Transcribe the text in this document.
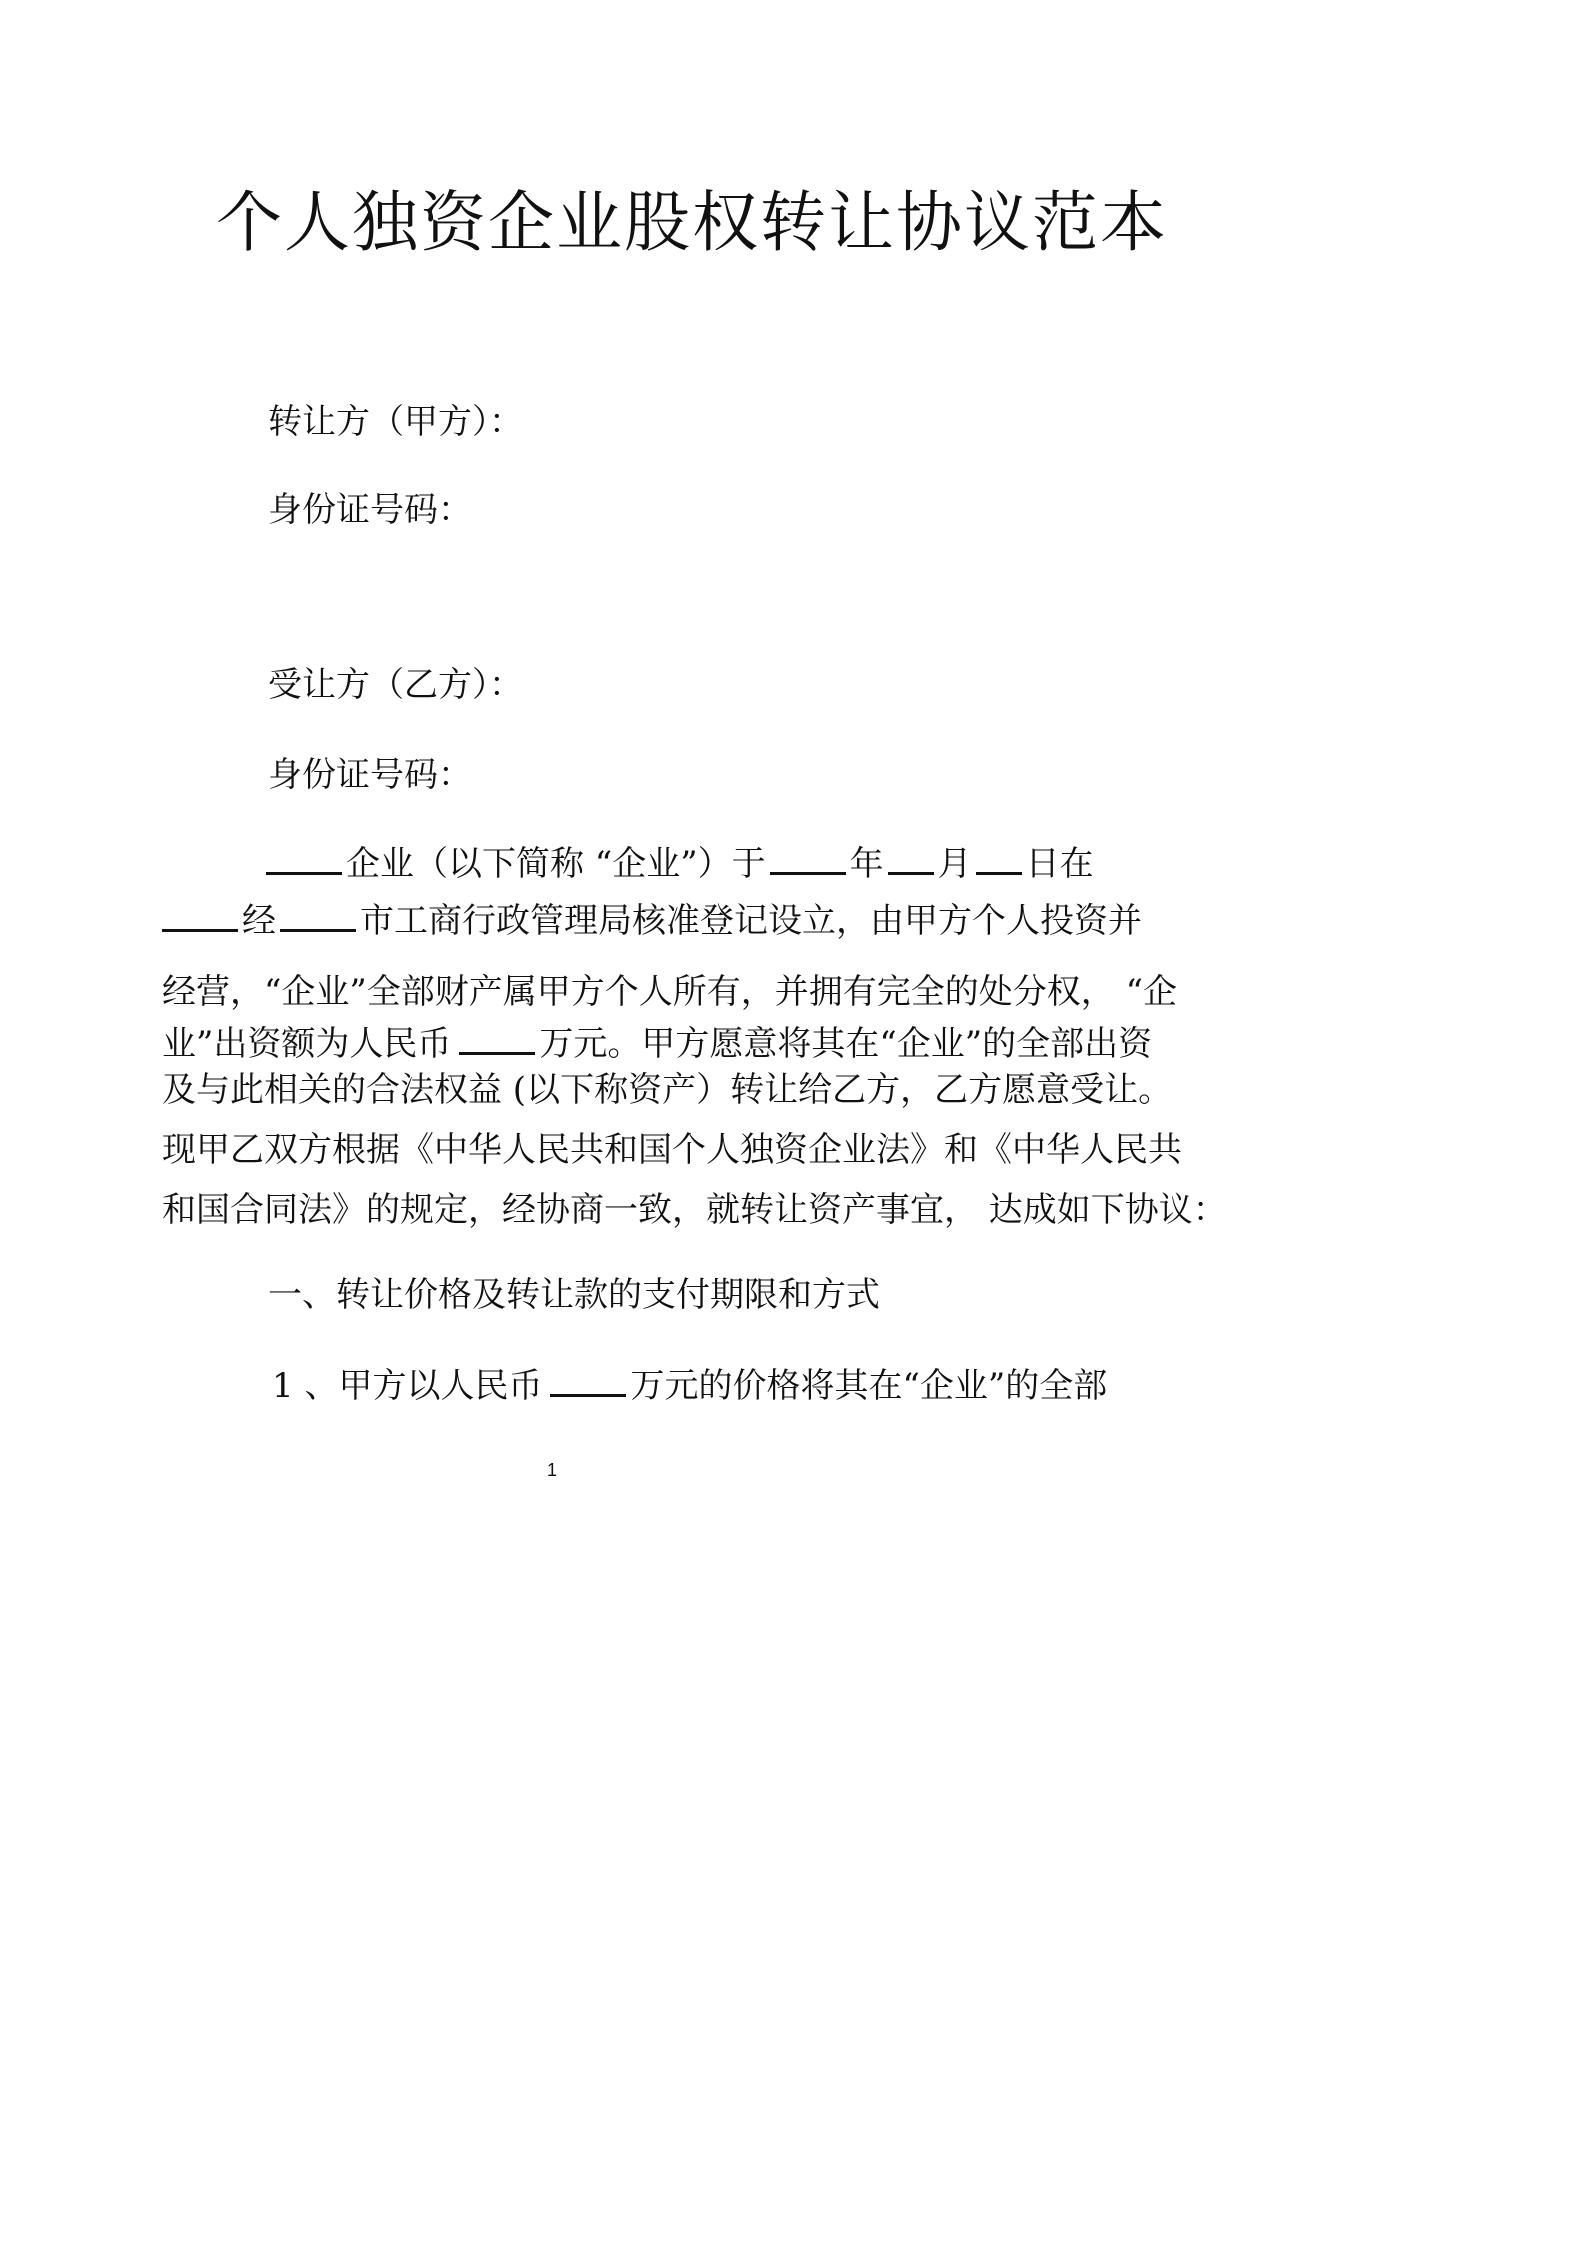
个人独资企业股权转让协议范本
转让方（甲方）：
身份证号码：
受让方（乙方）：
身份证号码：
企业（以下简称 “企业”）于 年 月 日在
经 市工商行政管理局核准登记设立，由甲方个人投资并
经营，“企业”全部财产属甲方个人所有，并拥有完全的处分权， “企
业”出资额为人民币	万元。甲方愿意将其在“企业”的全部出资
及与此相关的合法权益 (以下称资产）转让给乙方，乙方愿意受让。
现甲乙双方根据《中华人民共和国个人独资企业法》和《中华人民共
和国合同法》的规定，经协商一致，就转让资产事宜， 达成如下协议：
一、转让价格及转让款的支付期限和方式
1 、甲方以人民币	万元的价格将其在“企业”的全部
1
